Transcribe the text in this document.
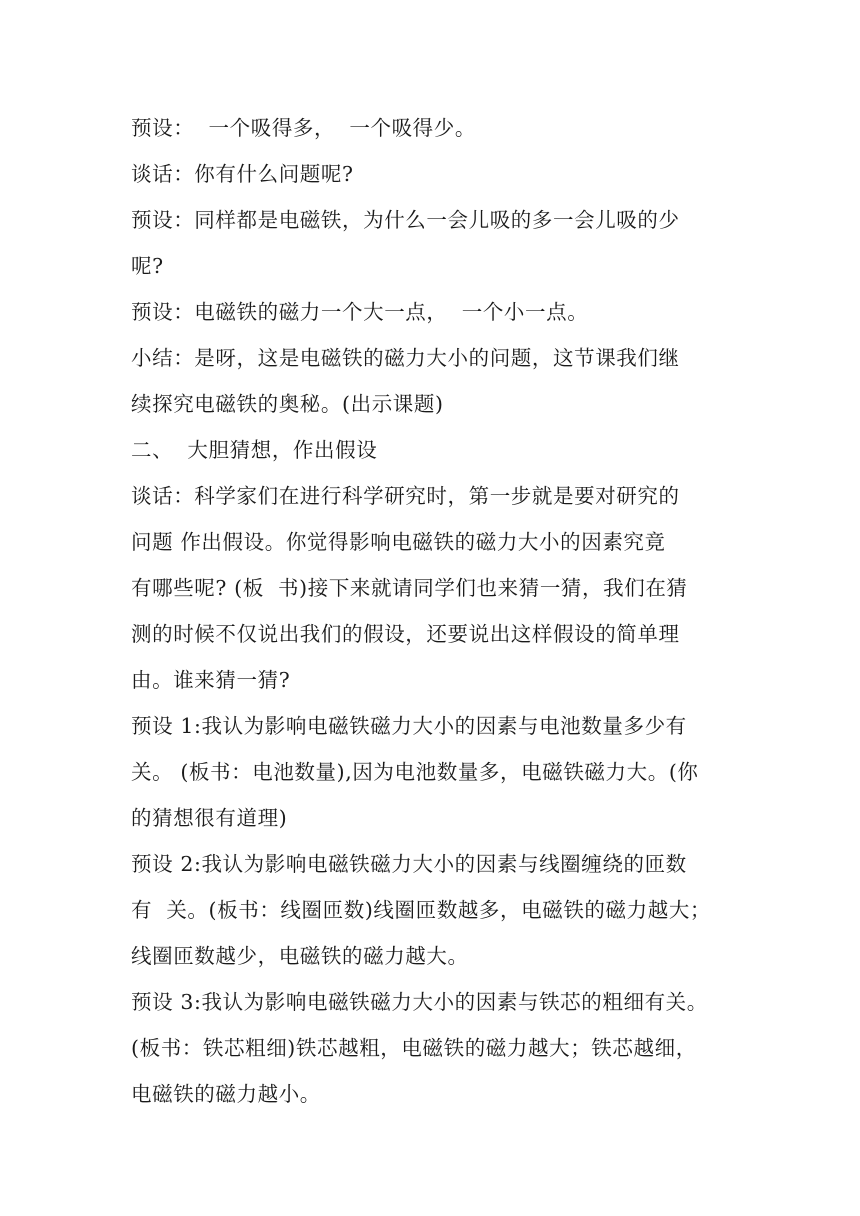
预设：  一个吸得多，  一个吸得少。
谈话：你有什么问题呢?
预设：同样都是电磁铁，为什么一会儿吸的多一会儿吸的少
呢?
预设：电磁铁的磁力一个大一点，  一个小一点。
小结：是呀，这是电磁铁的磁力大小的问题，这节课我们继
续探究电磁铁的奥秘。(出示课题)
二、  大胆猜想，作出假设
谈话：科学家们在进行科学研究时，第一步就是要对研究的
问题 作出假设。你觉得影响电磁铁的磁力大小的因素究竟
有哪些呢? (板  书)接下来就请同学们也来猜一猜，我们在猜
测的时候不仅说出我们的假设，还要说出这样假设的简单理
由。谁来猜一猜?
预设 1:我认为影响电磁铁磁力大小的因素与电池数量多少有
关。 (板书：电池数量),因为电池数量多，电磁铁磁力大。(你
的猜想很有道理)
预设 2:我认为影响电磁铁磁力大小的因素与线圈缠绕的匝数
有  关。(板书：线圈匝数)线圈匝数越多，电磁铁的磁力越大；
线圈匝数越少，电磁铁的磁力越大。
预设 3:我认为影响电磁铁磁力大小的因素与铁芯的粗细有关。
(板书：铁芯粗细)铁芯越粗，电磁铁的磁力越大；铁芯越细，
电磁铁的磁力越小。
